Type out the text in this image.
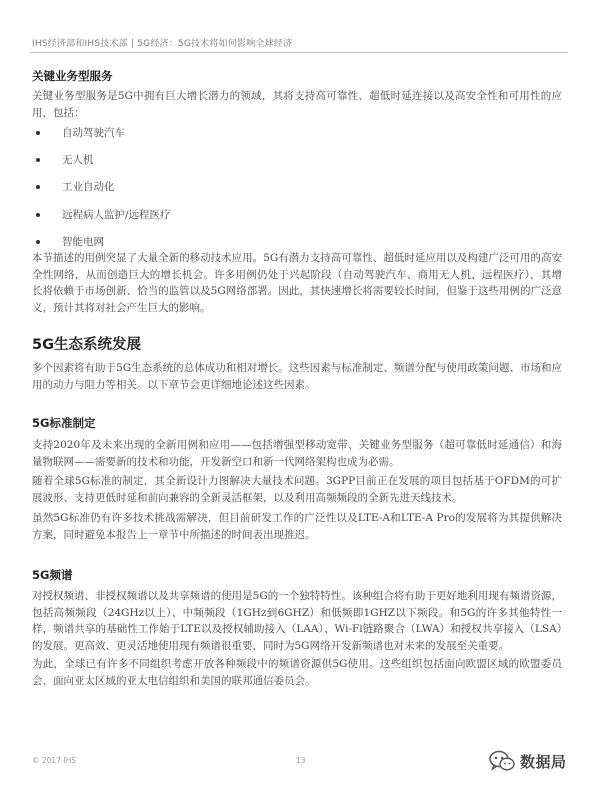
IHS经济部和IHS技术部 | 5G经济：5G技术将如何影响全球经济
关键业务型服务

关键业务型服务是5G中拥有巨大增长潜力的领域，其将支持高可靠性、超低时延连接以及高安全性和可用性的应用，包括：

自动驾驶汽车
无人机
工业自动化
远程病人监护/远程医疗
智能电网

本节描述的用例突显了大量全新的移动技术应用。5G有潜力支持高可靠性、超低时延应用以及构建广泛可用的高安全性网络，从而创造巨大的增长机会。许多用例仍处于兴起阶段（自动驾驶汽车、商用无人机、远程医疗），其增长将依赖于市场创新、恰当的监管以及5G网络部署。因此，其快速增长将需要较长时间，但鉴于这些用例的广泛意义，预计其将对社会产生巨大的影响。

5G生态系统发展

多个因素将有助于5G生态系统的总体成功和相对增长。这些因素与标准制定、频谱分配与使用政策问题、市场和应用的动力与阻力等相关。以下章节会更详细地论述这些因素。

5G标准制定

支持2020年及未来出现的全新用例和应用——包括增强型移动宽带、关键业务型服务（超可靠低时延通信）和海量物联网——需要新的技术和功能，开发新空口和新一代网络架构也成为必需。

随着全球5G标准的制定，其全新设计力图解决大量技术问题。3GPP目前正在发展的项目包括基于OFDM的可扩展波形、支持更低时延和前向兼容的全新灵活框架，以及利用高频频段的全新先进天线技术。

虽然5G标准仍有许多技术挑战需解决，但目前研发工作的广泛性以及LTE-A和LTE-A Pro的发展将为其提供解决方案，同时避免本报告上一章节中所描述的时间表出现推迟。

5G频谱

对授权频谱、非授权频谱以及共享频谱的使用是5G的一个独特特性。该种组合将有助于更好地利用现有频谱资源，包括高频频段（24GHz以上）、中频频段（1GHz到6GHZ）和低频即1GHZ以下频段。和5G的许多其他特性一样，频谱共享的基础性工作始于LTE以及授权辅助接入（LAA）、Wi-Fi链路聚合（LWA）和授权共享接入（LSA）的发展。更高效、更灵活地使用现有频谱很重要，同时为5G网络开发新频谱也对未来的发展至关重要。

为此，全球已有许多不同组织考虑开放各种频段中的频谱资源供5G使用。这些组织包括面向欧盟区域的欧盟委员会、面向亚太区域的亚太电信组织和美国的联邦通信委员会。

© 2017 IHS	13	数据局
